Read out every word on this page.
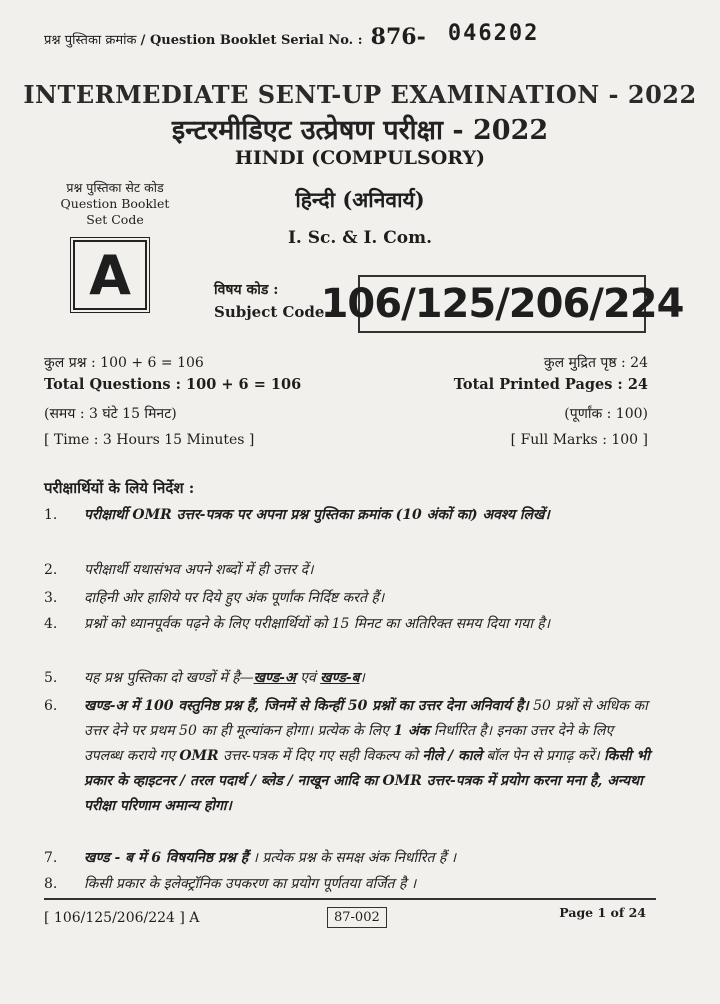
प्रश्न पुस्तिका क्रमांक / Question Booklet Serial No. : 876- 046202
INTERMEDIATE SENT-UP EXAMINATION - 2022
इन्टरमीडिएट उत्प्रेषण परीक्षा - 2022
HINDI (COMPULSORY)
हिन्दी (अनिवार्य)
I. Sc. & I. Com.
प्रश्न पुस्तिका सेट कोड
Question Booklet
Set Code
A	विषय कोड :
Subject Code :
106/125/206/224
कुल प्रश्न : 100 + 6 = 106
Total Questions : 100 + 6 = 106
(समय : 3 घंटे 15 मिनट)
[ Time : 3 Hours 15 Minutes ]
कुल मुद्रित पृष्ठ : 24
Total Printed Pages : 24
(पूर्णांक : 100)
[ Full Marks : 100 ]
परीक्षार्थियों के लिये निर्देश :
1.	परीक्षार्थी OMR उत्तर-पत्रक पर अपना प्रश्न पुस्तिका क्रमांक (10 अंकों का) अवश्य लिखें।
2.	परीक्षार्थी यथासंभव अपने शब्दों में ही उत्तर दें।
3.	दाहिनी ओर हाशिये पर दिये हुए अंक पूर्णांक निर्दिष्ट करते हैं।
4.	प्रश्नों को ध्यानपूर्वक पढ़ने के लिए परीक्षार्थियों को 15 मिनट का अतिरिक्त समय दिया गया है।
5.	यह प्रश्न पुस्तिका दो खण्डों में है—खण्ड-अ एवं खण्ड-ब।
6.	खण्ड-अ में 100 वस्तुनिष्ठ प्रश्न हैं, जिनमें से किन्हीं 50 प्रश्नों का उत्तर देना अनिवार्य है। 50 प्रश्नों से अधिक का उत्तर देने पर प्रथम 50 का ही मूल्यांकन होगा। प्रत्येक के लिए 1 अंक निर्धारित है। इनका उत्तर देने के लिए उपलब्ध कराये गए OMR उत्तर-पत्रक में दिए गए सही विकल्प को नीले / काले बॉल पेन से प्रगाढ़ करें। किसी भी प्रकार के व्हाइटनर / तरल पदार्थ / ब्लेड / नाखून आदि का OMR उत्तर-पत्रक में प्रयोग करना मना है, अन्यथा परीक्षा परिणाम अमान्य होगा।
7.	खण्ड - ब में 6 विषयनिष्ठ प्रश्न हैं । प्रत्येक प्रश्न के समक्ष अंक निर्धारित हैं ।
8.	किसी प्रकार के इलेक्ट्रॉनिक उपकरण का प्रयोग पूर्णतया वर्जित है ।
[ 106/125/206/224 ] A	87-002	Page 1 of 24
